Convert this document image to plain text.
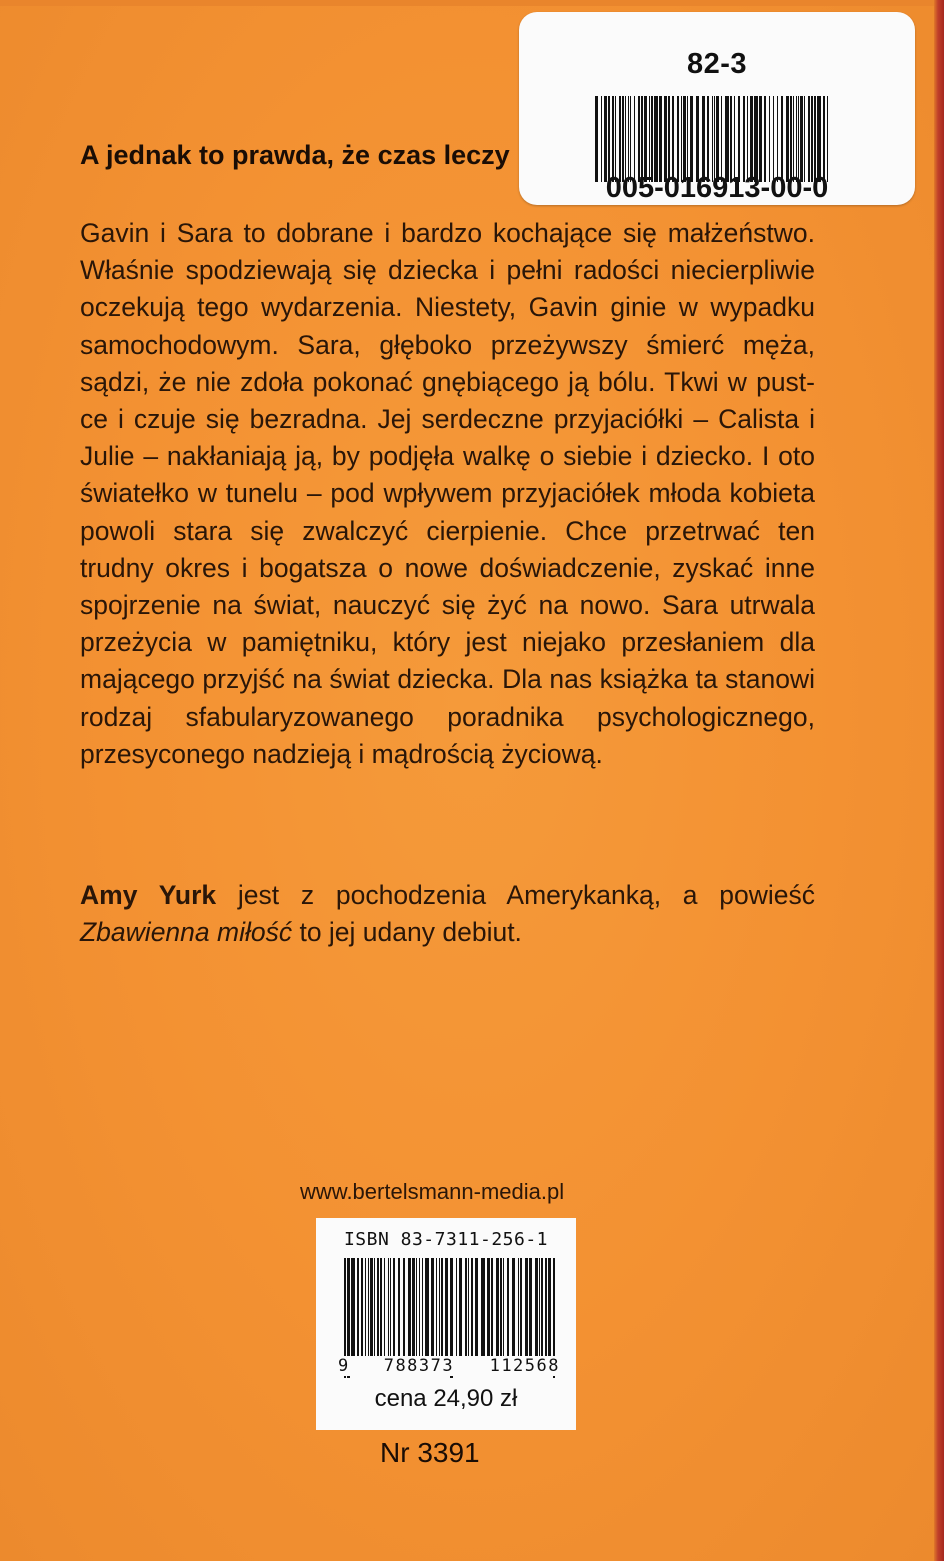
A jednak to prawda, że czas leczy
82-3
005-016913-00-0

Gavin i Sara to dobrane i bardzo kochające się małżeństwo. Właśnie spodziewają się dziecka i pełni radości niecierpliwie oczekują tego wydarzenia. Niestety, Gavin ginie w wypadku samochodowym. Sara, głęboko przeżywszy śmierć męża, sądzi, że nie zdoła pokonać gnębiącego ją bólu. Tkwi w pustce i czuje się bezradna. Jej serdeczne przyjaciółki – Calista i Julie – nakłaniają ją, by podjęła walkę o siebie i dziecko. I oto światełko w tunelu – pod wpływem przyjaciółek młoda kobieta powoli stara się zwalczyć cierpienie. Chce przetrwać ten trudny okres i bogatsza o nowe doświadczenie, zyskać inne spojrzenie na świat, nauczyć się żyć na nowo. Sara utrwala przeżycia w pamiętniku, który jest niejako przesłaniem dla mającego przyjść na świat dziecka. Dla nas książka ta stanowi rodzaj sfabularyzowanego poradnika psychologicznego, przesyconego nadzieją i mądrością życiową.

Amy Yurk jest z pochodzenia Amerykanką, a powieść Zbawienna miłość to jej udany debiut.
www.bertelsmann-media.pl
ISBN 83-7311-256-1
9 788373 112568
cena 24,90 zł
Nr 3391
